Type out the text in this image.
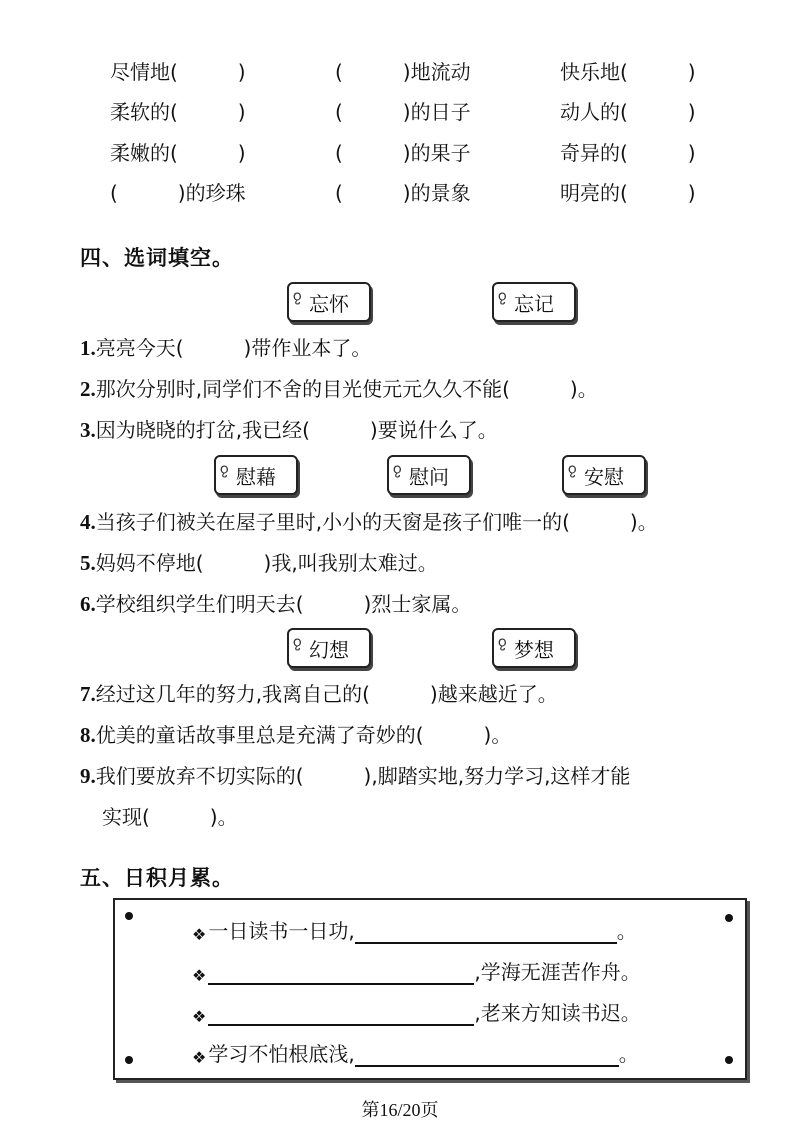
尽情地(　　　)	(　　　)地流动	快乐地(　　　)
柔软的(　　　)	(　　　)的日子	动人的(　　　)
柔嫩的(　　　)	(　　　)的果子	奇异的(　　　)
(　　　)的珍珠	(　　　)的景象	明亮的(　　　)
四、选词填空。
ჹ 忘怀	ჹ 忘记
1.亮亮今天(　　　)带作业本了。
2.那次分别时,同学们不舍的目光使元元久久不能(　　　)。
3.因为晓晓的打岔,我已经(　　　)要说什么了。
ჹ 慰藉	ჹ 慰问	ჹ 安慰
4.当孩子们被关在屋子里时,小小的天窗是孩子们唯一的(　　　)。
5.妈妈不停地(　　　)我,叫我别太难过。
6.学校组织学生们明天去(　　　)烈士家属。
ჹ 幻想	ჹ 梦想
7.经过这几年的努力,我离自己的(　　　)越来越近了。
8.优美的童话故事里总是充满了奇妙的(　　　)。
9.我们要放弃不切实际的(　　　),脚踏实地,努力学习,这样才能
实现(　　　)。
五、日积月累。
❖ 一日读书一日功,	。
❖	,学海无涯苦作舟。
❖	,老来方知读书迟。
❖ 学习不怕根底浅,	。
第16/20页
